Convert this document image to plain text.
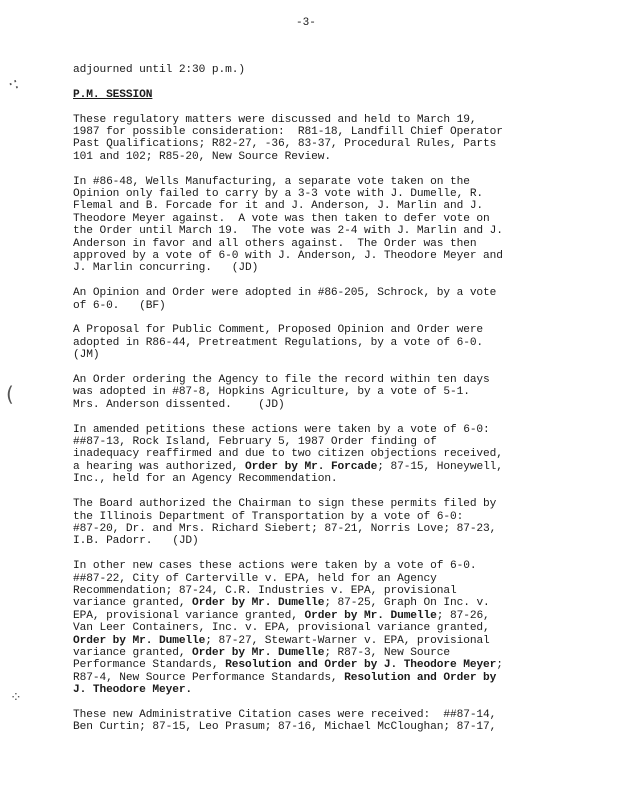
-3-
·:
(
⁘
adjourned until 2:30 p.m.)
P.M. SESSION
These regulatory matters were discussed and held to March 19,
1987 for possible consideration:  R81-18, Landfill Chief Operator
Past Qualifications; R82-27, -36, 83-37, Procedural Rules, Parts
101 and 102; R85-20, New Source Review.
In #86-48, Wells Manufacturing, a separate vote taken on the
Opinion only failed to carry by a 3-3 vote with J. Dumelle, R.
Flemal and B. Forcade for it and J. Anderson, J. Marlin and J.
Theodore Meyer against.  A vote was then taken to defer vote on
the Order until March 19.  The vote was 2-4 with J. Marlin and J.
Anderson in favor and all others against.  The Order was then
approved by a vote of 6-0 with J. Anderson, J. Theodore Meyer and
J. Marlin concurring.   (JD)
An Opinion and Order were adopted in #86-205, Schrock, by a vote
of 6-0.   (BF)
A Proposal for Public Comment, Proposed Opinion and Order were
adopted in R86-44, Pretreatment Regulations, by a vote of 6-0.
(JM)
An Order ordering the Agency to file the record within ten days
was adopted in #87-8, Hopkins Agriculture, by a vote of 5-1.
Mrs. Anderson dissented.    (JD)
In amended petitions these actions were taken by a vote of 6-0:
##87-13, Rock Island, February 5, 1987 Order finding of
inadequacy reaffirmed and due to two citizen objections received,
a hearing was authorized, Order by Mr. Forcade; 87-15, Honeywell,
Inc., held for an Agency Recommendation.
The Board authorized the Chairman to sign these permits filed by
the Illinois Department of Transportation by a vote of 6-0:
#87-20, Dr. and Mrs. Richard Siebert; 87-21, Norris Love; 87-23,
I.B. Padorr.   (JD)
In other new cases these actions were taken by a vote of 6-0.
##87-22, City of Carterville v. EPA, held for an Agency
Recommendation; 87-24, C.R. Industries v. EPA, provisional
variance granted, Order by Mr. Dumelle; 87-25, Graph On Inc. v.
EPA, provisional variance granted, Order by Mr. Dumelle; 87-26,
Van Leer Containers, Inc. v. EPA, provisional variance granted,
Order by Mr. Dumelle; 87-27, Stewart-Warner v. EPA, provisional
variance granted, Order by Mr. Dumelle; R87-3, New Source
Performance Standards, Resolution and Order by J. Theodore Meyer;
R87-4, New Source Performance Standards, Resolution and Order by
J. Theodore Meyer.
These new Administrative Citation cases were received:  ##87-14,
Ben Curtin; 87-15, Leo Prasum; 87-16, Michael McCloughan; 87-17,
